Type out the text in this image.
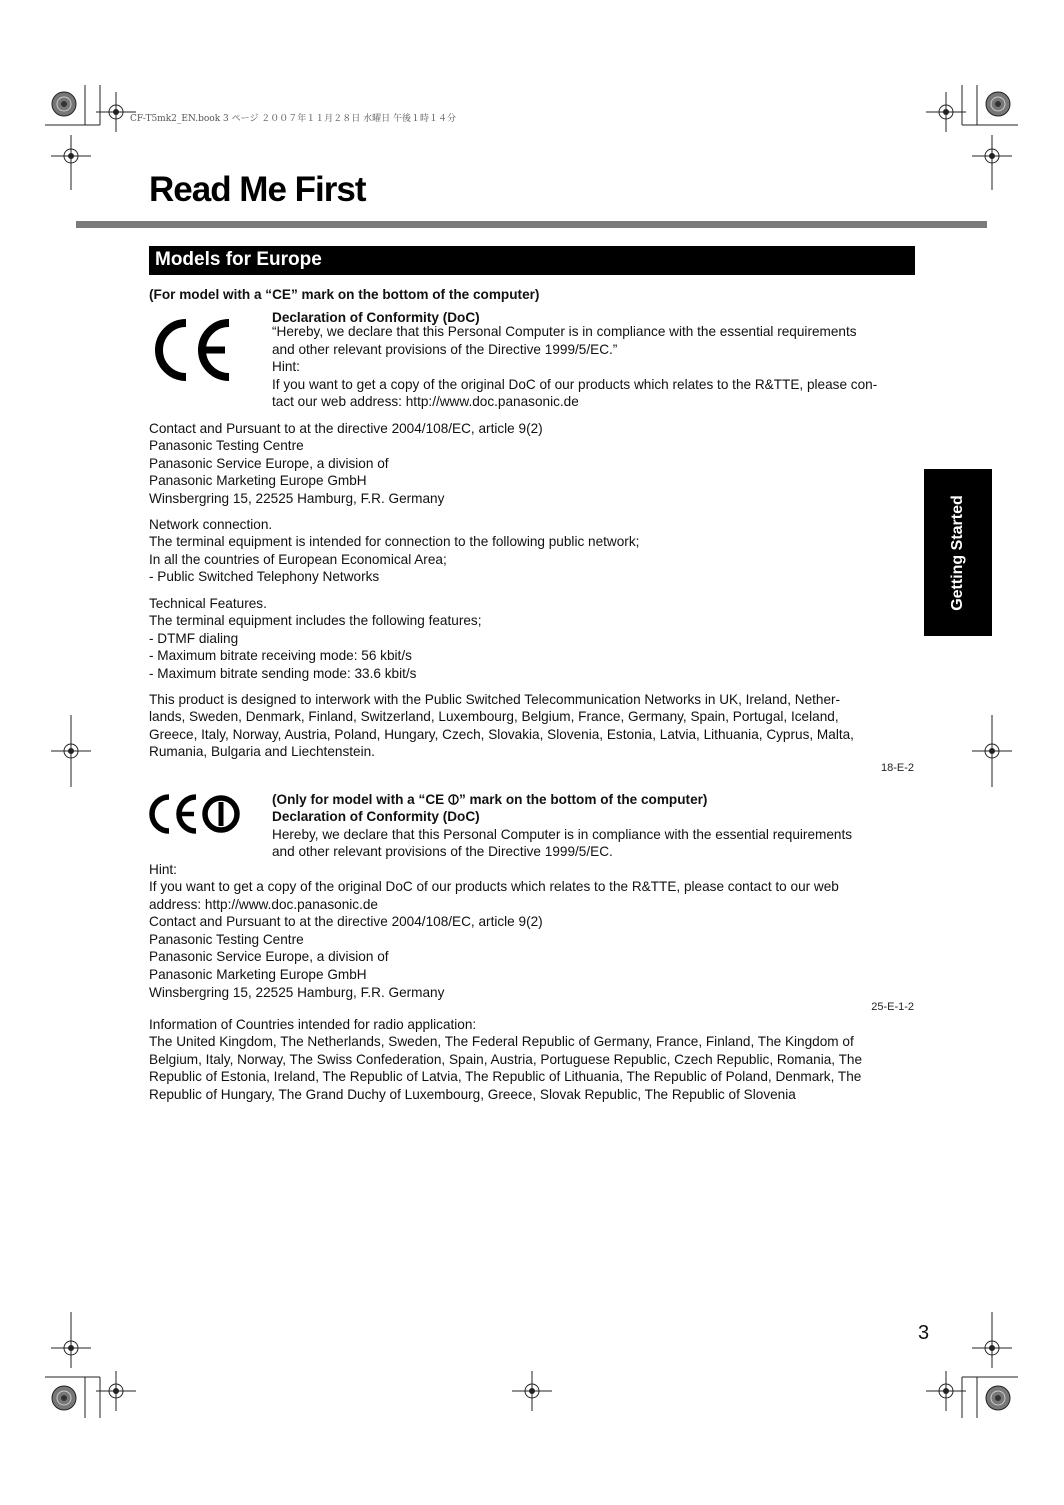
CF-T5mk2_EN.book 3 ページ ２００７年１１月２８日 水曜日 午後１時１４分
Read Me First
Models for Europe
(For model with a “CE” mark on the bottom of the computer)
Declaration of Conformity (DoC)
“Hereby, we declare that this Personal Computer is in compliance with the essential requirements
and other relevant provisions of the Directive 1999/5/EC.”
Hint:
If you want to get a copy of the original DoC of our products which relates to the R&TTE, please con-
tact our web address: http://www.doc.panasonic.de
Contact and Pursuant to at the directive 2004/108/EC, article 9(2)
Panasonic Testing Centre
Panasonic Service Europe, a division of
Panasonic Marketing Europe GmbH
Winsbergring 15, 22525 Hamburg, F.R. Germany
Network connection.
The terminal equipment is intended for connection to the following public network;
In all the countries of European Economical Area;
- Public Switched Telephony Networks
Technical Features.
The terminal equipment includes the following features;
- DTMF dialing
- Maximum bitrate receiving mode: 56 kbit/s
- Maximum bitrate sending mode: 33.6 kbit/s
This product is designed to interwork with the Public Switched Telecommunication Networks in UK, Ireland, Nether-
lands, Sweden, Denmark, Finland, Switzerland, Luxembourg, Belgium, France, Germany, Spain, Portugal, Iceland,
Greece, Italy, Norway, Austria, Poland, Hungary, Czech, Slovakia, Slovenia, Estonia, Latvia, Lithuania, Cyprus, Malta,
Rumania, Bulgaria and Liechtenstein.
18-E-2
(Only for model with a “CE ” mark on the bottom of the computer)
Declaration of Conformity (DoC)
Hereby, we declare that this Personal Computer is in compliance with the essential requirements
and other relevant provisions of the Directive 1999/5/EC.
Hint:
If you want to get a copy of the original DoC of our products which relates to the R&TTE, please contact to our web
address: http://www.doc.panasonic.de
Contact and Pursuant to at the directive 2004/108/EC, article 9(2)
Panasonic Testing Centre
Panasonic Service Europe, a division of
Panasonic Marketing Europe GmbH
Winsbergring 15, 22525 Hamburg, F.R. Germany
25-E-1-2
Information of Countries intended for radio application:
The United Kingdom, The Netherlands, Sweden, The Federal Republic of Germany, France, Finland, The Kingdom of
Belgium, Italy, Norway, The Swiss Confederation, Spain, Austria, Portuguese Republic, Czech Republic, Romania, The
Republic of Estonia, Ireland, The Republic of Latvia, The Republic of Lithuania, The Republic of Poland, Denmark, The
Republic of Hungary, The Grand Duchy of Luxembourg, Greece, Slovak Republic, The Republic of Slovenia
Getting Started
3
